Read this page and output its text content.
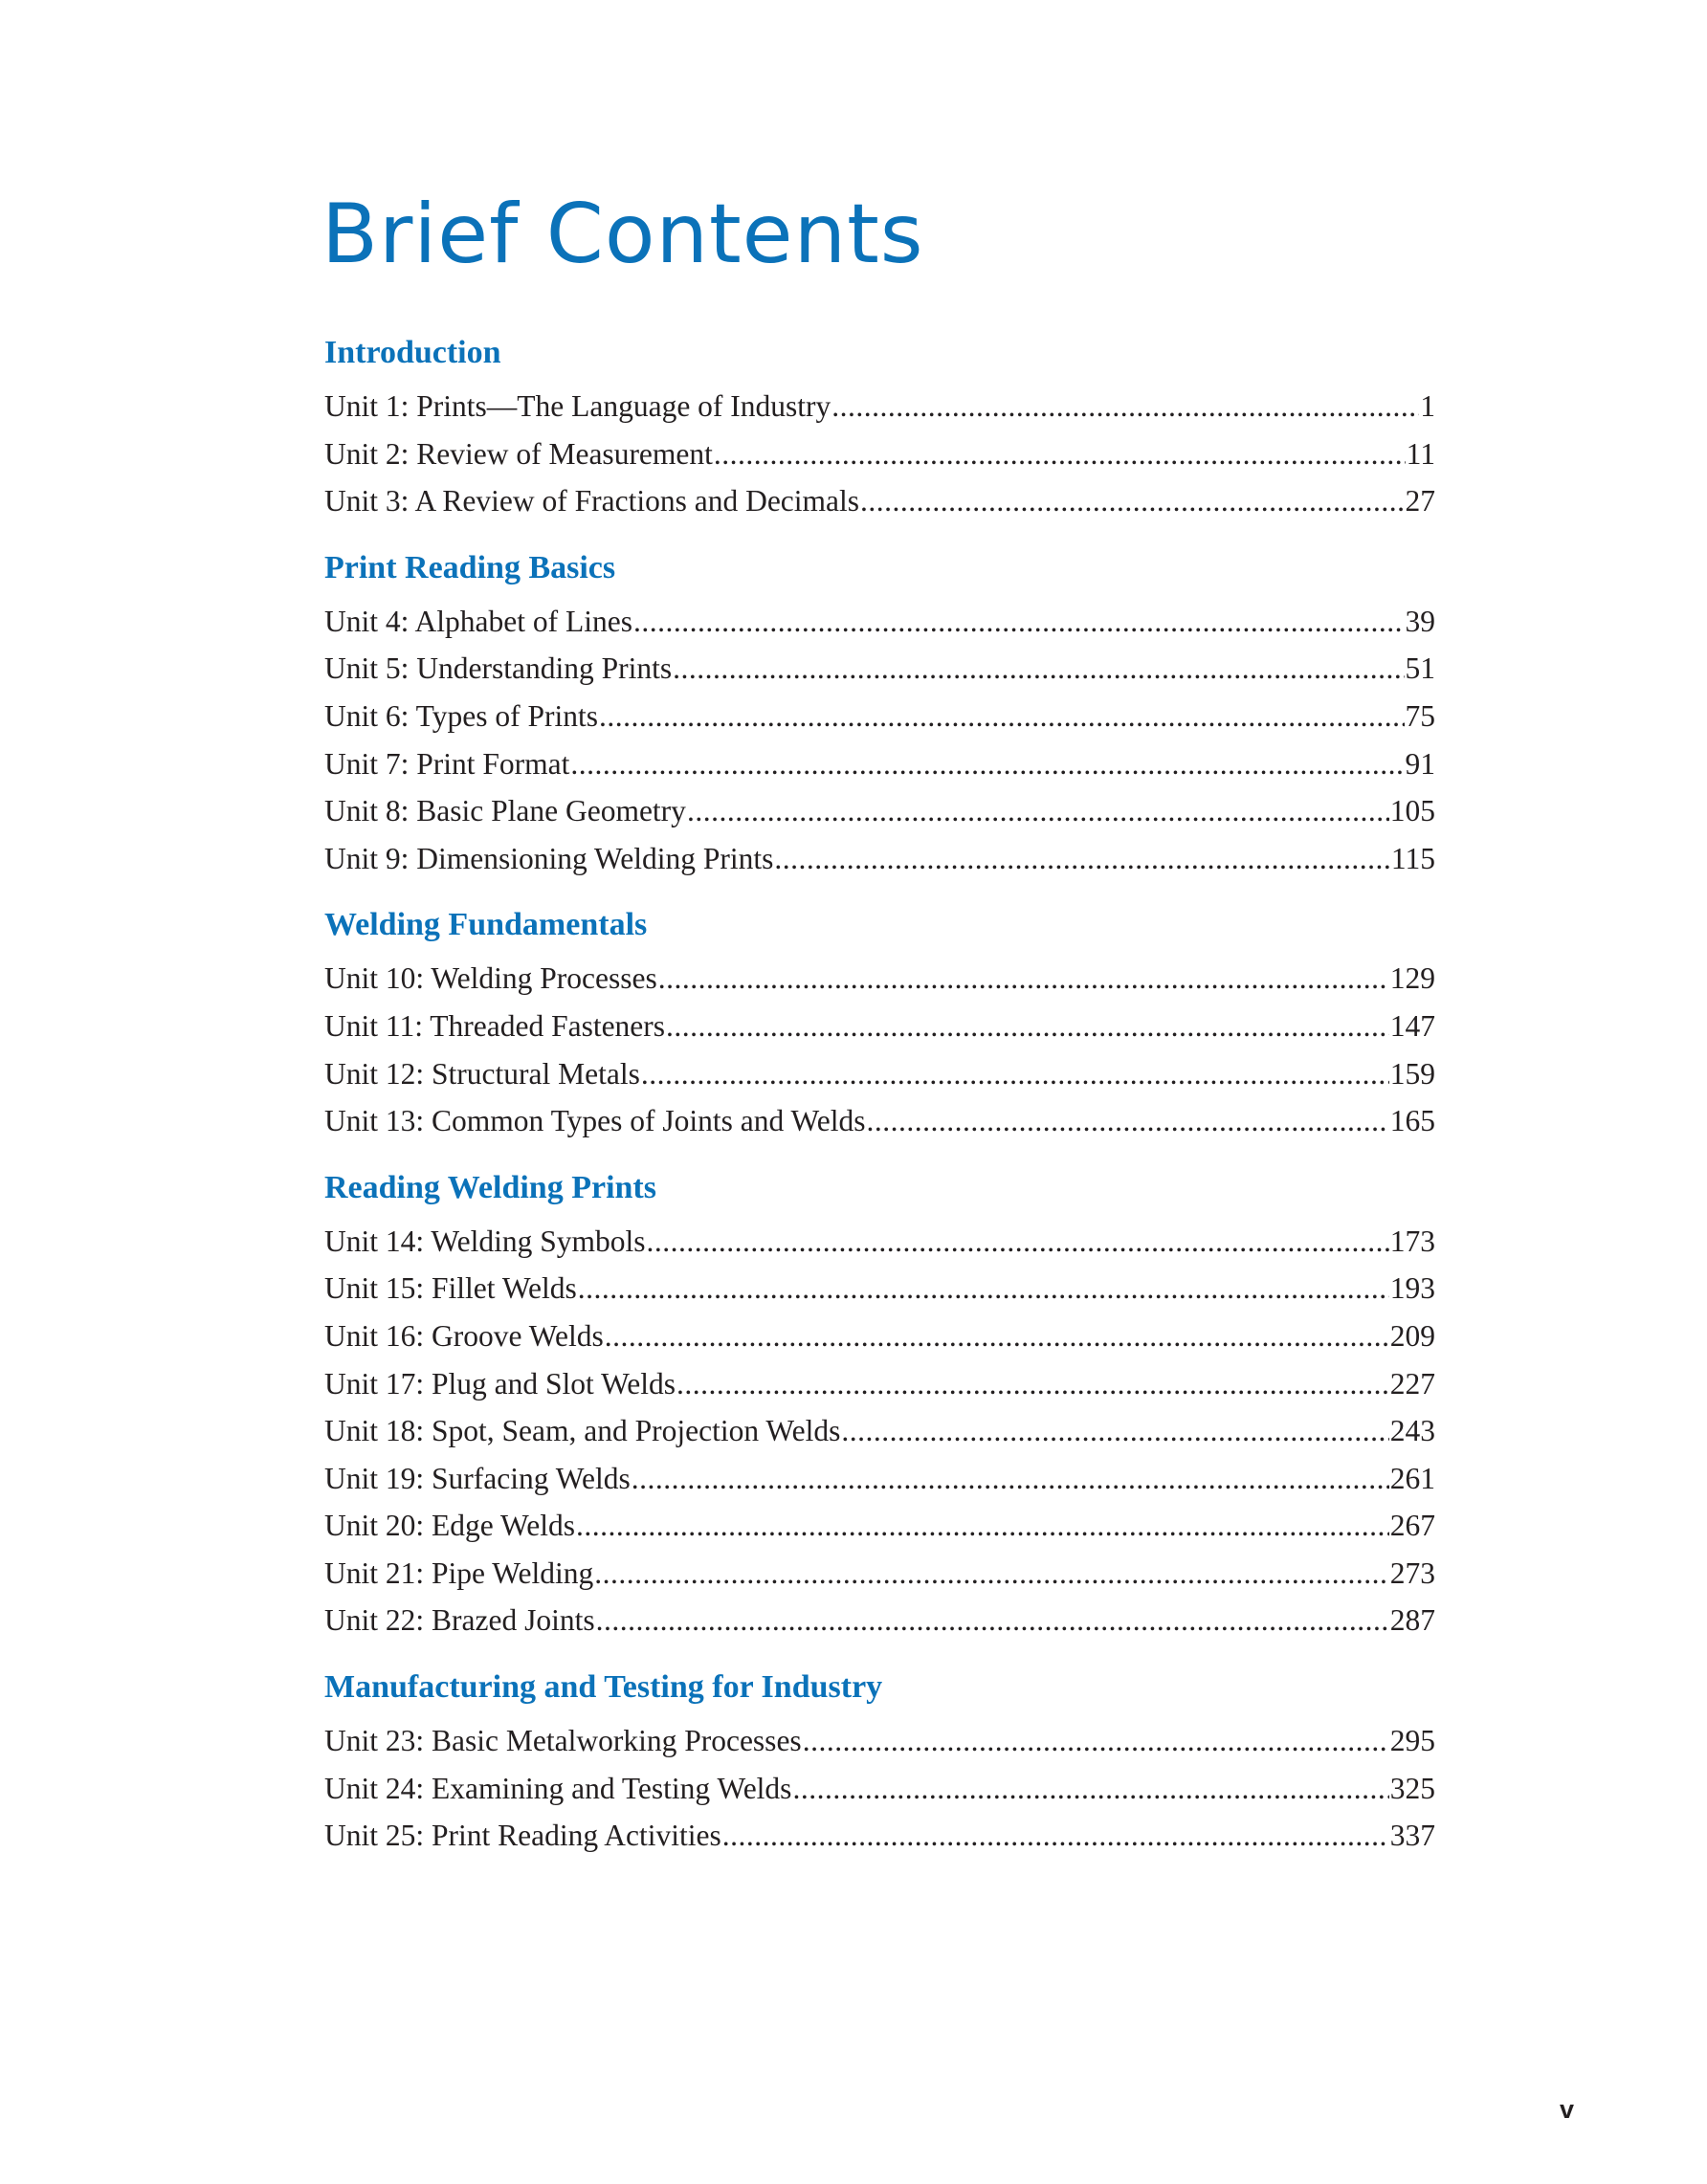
Brief Contents
Introduction
Unit 1: Prints—The Language of Industry .....	1
Unit 2: Review of Measurement .....	11
Unit 3: A Review of Fractions and Decimals .....	27
Print Reading Basics
Unit 4: Alphabet of Lines .....	39
Unit 5: Understanding Prints .....	51
Unit 6: Types of Prints .....	75
Unit 7: Print Format .....	91
Unit 8: Basic Plane Geometry .....	105
Unit 9: Dimensioning Welding Prints .....	115
Welding Fundamentals
Unit 10: Welding Processes .....	129
Unit 11: Threaded Fasteners .....	147
Unit 12: Structural Metals .....	159
Unit 13: Common Types of Joints and Welds .....	165
Reading Welding Prints
Unit 14: Welding Symbols .....	173
Unit 15: Fillet Welds .....	193
Unit 16: Groove Welds .....	209
Unit 17: Plug and Slot Welds .....	227
Unit 18: Spot, Seam, and Projection Welds .....	243
Unit 19: Surfacing Welds .....	261
Unit 20: Edge Welds .....	267
Unit 21: Pipe Welding .....	273
Unit 22: Brazed Joints .....	287
Manufacturing and Testing for Industry
Unit 23: Basic Metalworking Processes .....	295
Unit 24: Examining and Testing Welds .....	325
Unit 25: Print Reading Activities .....	337
v
